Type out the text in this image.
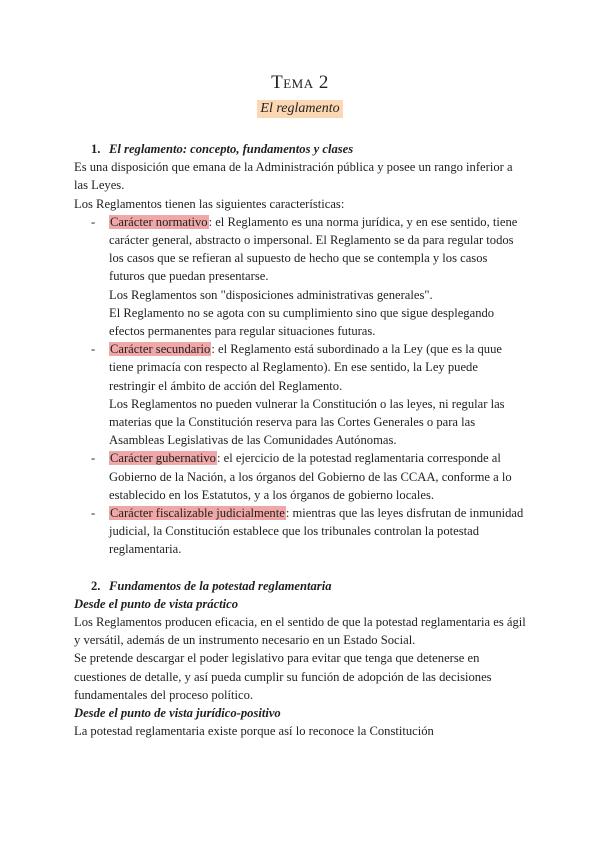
Tema 2
El reglamento
1. El reglamento: concepto, fundamentos y clases

Es una disposición que emana de la Administración pública y posee un rango inferior a las Leyes.

Los Reglamentos tienen las siguientes características:

- Carácter normativo: el Reglamento es una norma jurídica, y en ese sentido, tiene carácter general, abstracto o impersonal. El Reglamento se da para regular todos los casos que se refieran al supuesto de hecho que se contempla y los casos futuros que puedan presentarse.
Los Reglamentos son "disposiciones administrativas generales".
El Reglamento no se agota con su cumplimiento sino que sigue desplegando efectos permanentes para regular situaciones futuras.
- Carácter secundario: el Reglamento está subordinado a la Ley (que es la quue tiene primacía con respecto al Reglamento). En ese sentido, la Ley puede restringir el ámbito de acción del Reglamento.
Los Reglamentos no pueden vulnerar la Constitución o las leyes, ni regular las materias que la Constitución reserva para las Cortes Generales o para las Asambleas Legislativas de las Comunidades Autónomas.
- Carácter gubernativo: el ejercicio de la potestad reglamentaria corresponde al Gobierno de la Nación, a los órganos del Gobierno de las CCAA, conforme a lo establecido en los Estatutos, y a los órganos de gobierno locales.
- Carácter fiscalizable judicialmente: mientras que las leyes disfrutan de inmunidad judicial, la Constitución establece que los tribunales controlan la potestad reglamentaria.
2. Fundamentos de la potestad reglamentaria
Desde el punto de vista práctico

Los Reglamentos producen eficacia, en el sentido de que la potestad reglamentaria es ágil y versátil, además de un instrumento necesario en un Estado Social.

Se pretende descargar el poder legislativo para evitar que tenga que detenerse en cuestiones de detalle, y así pueda cumplir su función de adopción de las decisiones fundamentales del proceso político.

Desde el punto de vista jurídico-positivo

La potestad reglamentaria existe porque así lo reconoce la Constitución
